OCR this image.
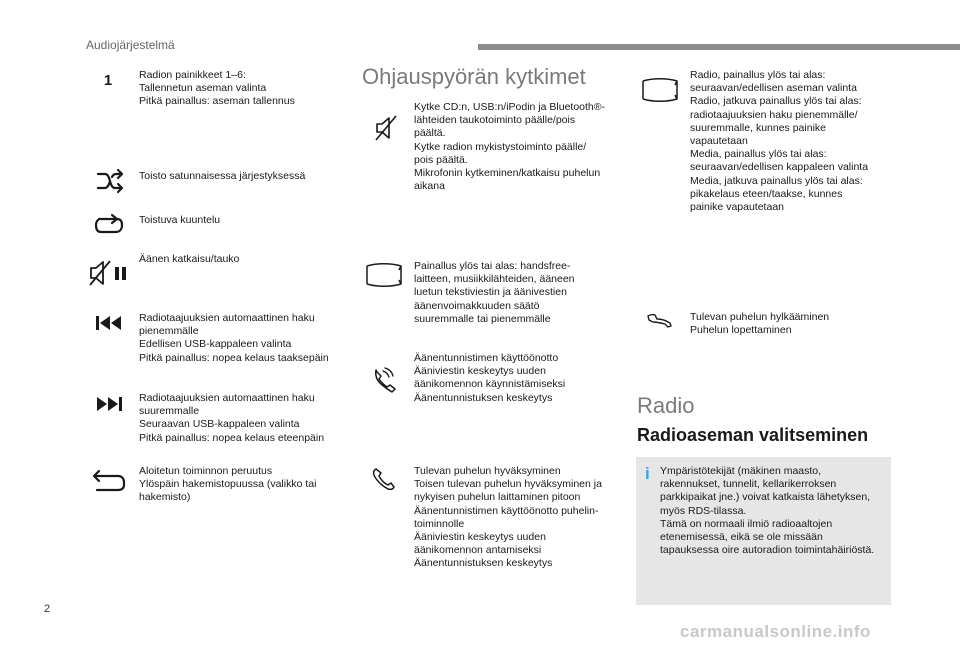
Audiojärjestelmä
1	Radion painikkeet 1–6:

Tallennetun aseman valinta

Pitkä painallus: aseman tallennus

Toisto satunnaisessa järjestyksessä

Toistuva kuuntelu

Äänen katkaisu/tauko

Radiotaajuuksien automaattinen haku

pienemmälle

Edellisen USB-kappaleen valinta

Pitkä painallus: nopea kelaus taaksepäin

Radiotaajuuksien automaattinen haku

suuremmalle

Seuraavan USB-kappaleen valinta

Pitkä painallus: nopea kelaus eteenpäin

Aloitetun toiminnon peruutus

Ylöspäin hakemistopuussa (valikko tai

hakemisto)

Ohjauspyörän kytkimet

Kytke CD:n, USB:n/iPodin ja Bluetooth®-

lähteiden taukotoiminto päälle/pois

päältä.

Kytke radion mykistystoiminto päälle/

pois päältä.

Mikrofonin kytkeminen/katkaisu puhelun

aikana

Painallus ylös tai alas: handsfree-

laitteen, musiikkilähteiden, ääneen

luetun tekstiviestin ja äänivestien

äänenvoimakkuuden säätö

suuremmalle tai pienemmälle

Äänentunnistimen käyttöönotto

Ääniviestin keskeytys uuden

äänikomennon käynnistämiseksi

Äänentunnistuksen keskeytys

Tulevan puhelun hyväksyminen

Toisen tulevan puhelun hyväksyminen ja

nykyisen puhelun laittaminen pitoon

Äänentunnistimen käyttöönotto puhelin-

toiminnolle

Ääniviestin keskeytys uuden

äänikomennon antamiseksi

Äänentunnistuksen keskeytys

Radio, painallus ylös tai alas:

seuraavan/edellisen aseman valinta

Radio, jatkuva painallus ylös tai alas:

radiotaajuuksien haku pienemmälle/

suuremmalle, kunnes painike

vapautetaan

Media, painallus ylös tai alas:

seuraavan/edellisen kappaleen valinta

Media, jatkuva painallus ylös tai alas:

pikakelaus eteen/taakse, kunnes

painike vapautetaan

Tulevan puhelun hylkääminen

Puhelun lopettaminen

Radio
Radioaseman valitseminen
i Ympäristötekijät (mäkinen maasto,

rakennukset, tunnelit, kellarikerroksen

parkkipaikat jne.) voivat katkaista lähetyksen,

myös RDS-tilassa.

Tämä on normaali ilmiö radioaaltojen

etenemisessä, eikä se ole missään

tapauksessa oire autoradion toimintahäiriöstä.

2
carmanualsonline.info
